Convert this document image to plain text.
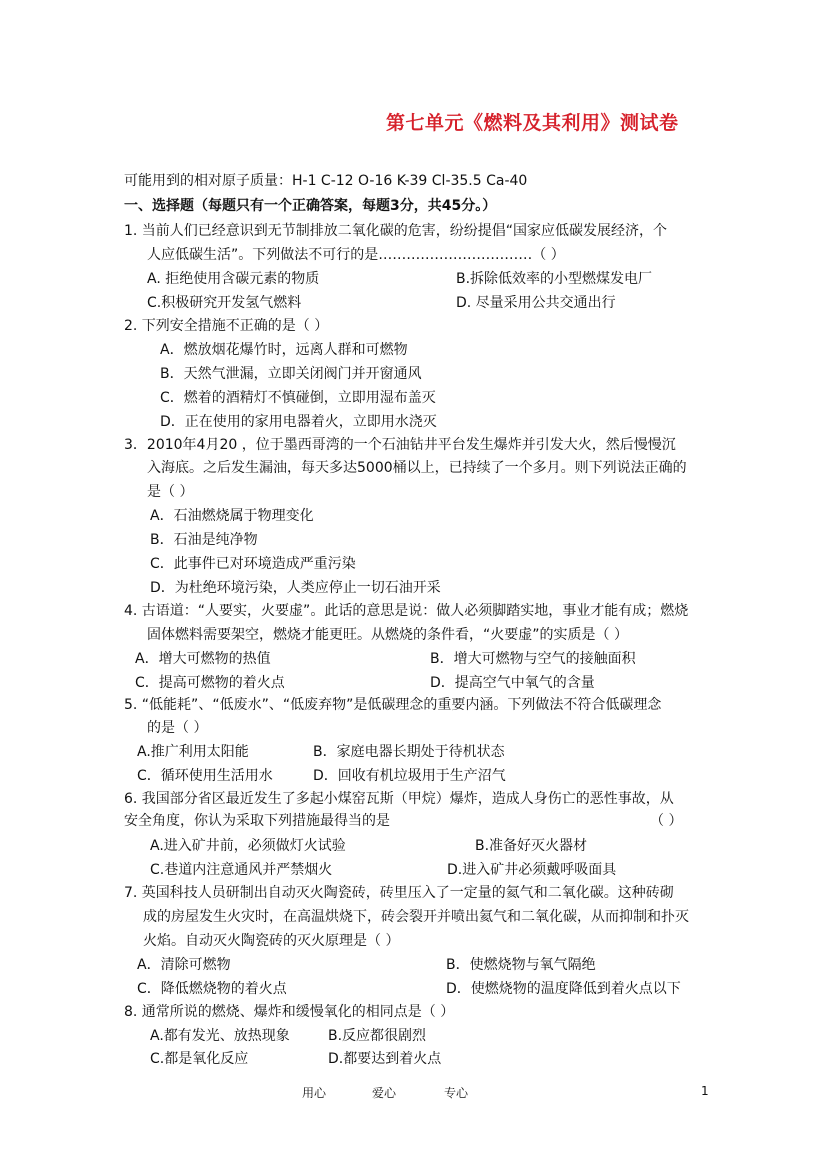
第七单元《燃料及其利用》测试卷
可能用到的相对原子质量：H-1 C-12 O-16 K-39 Cl-35.5 Ca-40
一、选择题（每题只有一个正确答案，每题3分，共45分。）
1. 当前人们已经意识到无节制排放二氧化碳的危害，纷纷提倡“国家应低碳发展经济，个
人应低碳生活”。下列做法不可行的是……………………………（ ）
A. 拒绝使用含碳元素的物质	B.拆除低效率的小型燃煤发电厂
C.积极研究开发氢气燃料	D. 尽量采用公共交通出行
2. 下列安全措施不正确的是（ ）
A．燃放烟花爆竹时，远离人群和可燃物
B．天然气泄漏，立即关闭阀门并开窗通风
C．燃着的酒精灯不慎碰倒，立即用湿布盖灭
D．正在使用的家用电器着火，立即用水浇灭
3．2010年4月20 ，位于墨西哥湾的一个石油钻井平台发生爆炸并引发大火，然后慢慢沉
入海底。之后发生漏油，每天多达5000桶以上，已持续了一个多月。则下列说法正确的
是（ ）
A．石油燃烧属于物理变化
B．石油是纯净物
C．此事件已对环境造成严重污染
D．为杜绝环境污染，人类应停止一切石油开采
4. 古语道：“人要实，火要虚”。此话的意思是说：做人必须脚踏实地，事业才能有成；燃烧
固体燃料需要架空，燃烧才能更旺。从燃烧的条件看，“火要虚”的实质是（ ）
A．增大可燃物的热值	B．增大可燃物与空气的接触面积
C．提高可燃物的着火点	D．提高空气中氧气的含量
5. “低能耗”、“低废水”、“低废弃物”是低碳理念的重要内涵。下列做法不符合低碳理念
的是（ ）
A.推广利用太阳能	B．家庭电器长期处于待机状态
C．循环使用生活用水	D．回收有机垃圾用于生产沼气
6. 我国部分省区最近发生了多起小煤窑瓦斯（甲烷）爆炸，造成人身伤亡的恶性事故，从
安全角度，你认为采取下列措施最得当的是	（ ）
A.进入矿井前，必须做灯火试验	B.准备好灭火器材
C.巷道内注意通风并严禁烟火	D.进入矿井必须戴呼吸面具
7. 英国科技人员研制出自动灭火陶瓷砖，砖里压入了一定量的氦气和二氧化碳。这种砖砌
成的房屋发生火灾时，在高温烘烧下，砖会裂开并喷出氦气和二氧化碳，从而抑制和扑灭
火焰。自动灭火陶瓷砖的灭火原理是（ ）
A．清除可燃物	B．使燃烧物与氧气隔绝
C．降低燃烧物的着火点	D．使燃烧物的温度降低到着火点以下
8. 通常所说的燃烧、爆炸和缓慢氧化的相同点是（ ）
A.都有发光、放热现象	B.反应都很剧烈
C.都是氧化反应	D.都要达到着火点
用心	爱心	专心	1
